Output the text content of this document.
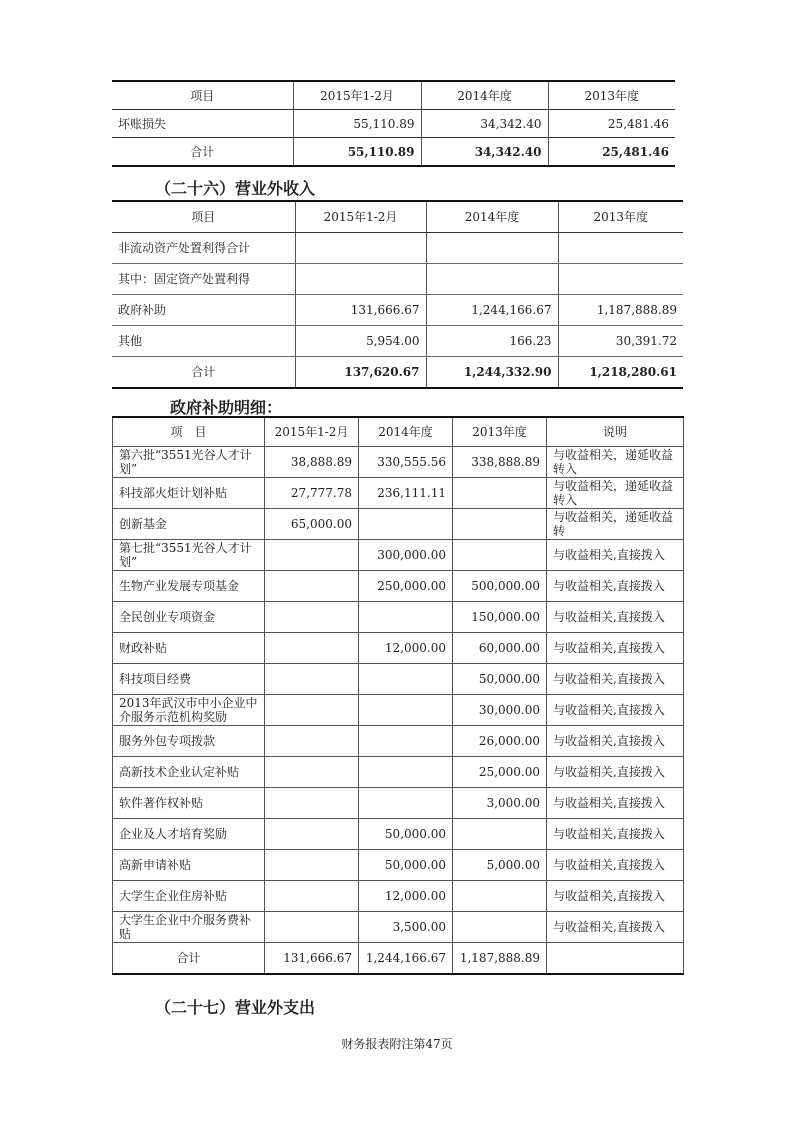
项目	2015年1-2月	2014年度	2013年度
坏账损失	55,110.89	34,342.40	25,481.46
合计	55,110.89	34,342.40	25,481.46
（二十六）营业外收入
项目	2015年1-2月	2014年度	2013年度
非流动资产处置利得合计			
其中：固定资产处置利得			
政府补助	131,666.67	1,244,166.67	1,187,888.89
其他	5,954.00	166.23	30,391.72
合计	137,620.67	1,244,332.90	1,218,280.61
政府补助明细：
项　目	2015年1-2月	2014年度	2013年度	说明
第六批“3551光谷人才计划”	38,888.89	330,555.56	338,888.89	与收益相关，递延收益转入
科技部火炬计划补贴	27,777.78	236,111.11		与收益相关，递延收益转入
创新基金	65,000.00			与收益相关，递延收益转
第七批“3551光谷人才计划”		300,000.00		与收益相关,直接拨入
生物产业发展专项基金		250,000.00	500,000.00	与收益相关,直接拨入
全民创业专项资金			150,000.00	与收益相关,直接拨入
财政补贴		12,000.00	60,000.00	与收益相关,直接拨入
科技项目经费			50,000.00	与收益相关,直接拨入
2013年武汉市中小企业中介服务示范机构奖励			30,000.00	与收益相关,直接拨入
服务外包专项拨款			26,000.00	与收益相关,直接拨入
高新技术企业认定补贴			25,000.00	与收益相关,直接拨入
软件著作权补贴			3,000.00	与收益相关,直接拨入
企业及人才培育奖励		50,000.00		与收益相关,直接拨入
高新申请补贴		50,000.00	5,000.00	与收益相关,直接拨入
大学生企业住房补贴		12,000.00		与收益相关,直接拨入
大学生企业中介服务费补贴		3,500.00		与收益相关,直接拨入
合计	131,666.67	1,244,166.67	1,187,888.89	
（二十七）营业外支出
财务报表附注第47页
